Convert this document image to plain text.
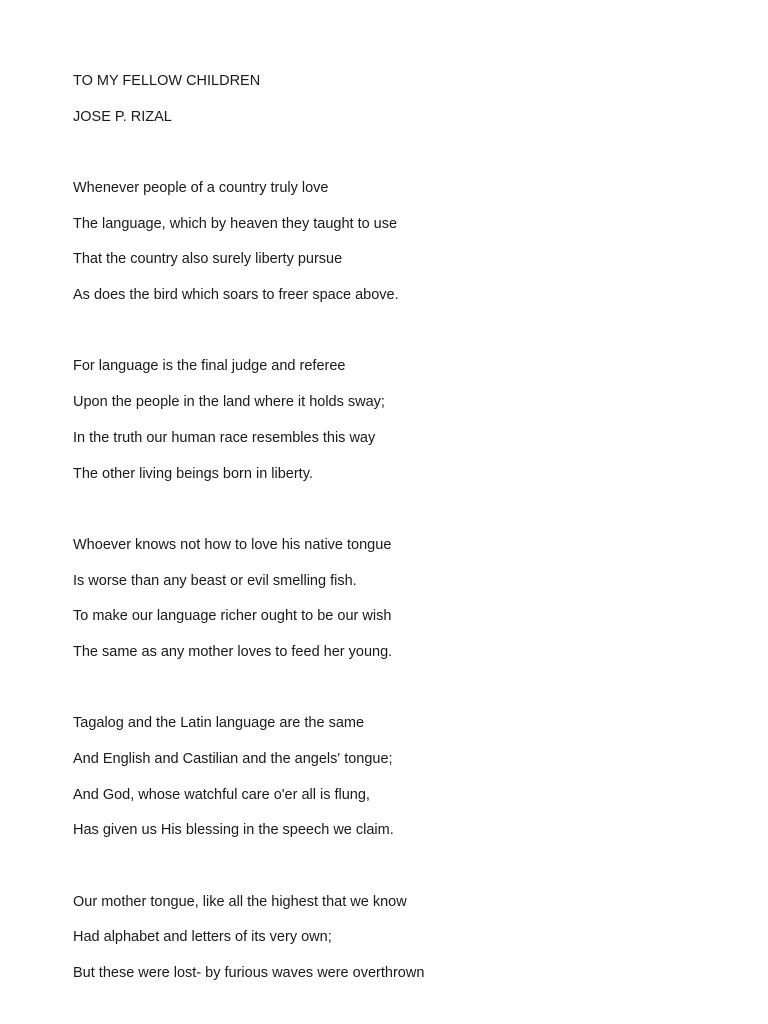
TO MY FELLOW CHILDREN

JOSE P. RIZAL

Whenever people of a country truly love

The language, which by heaven they taught to use

That the country also surely liberty pursue

As does the bird which soars to freer space above.

For language is the final judge and referee

Upon the people in the land where it holds sway;

In the truth our human race resembles this way

The other living beings born in liberty.

Whoever knows not how to love his native tongue

Is worse than any beast or evil smelling fish.

To make our language richer ought to be our wish

The same as any mother loves to feed her young.

Tagalog and the Latin language are the same

And English and Castilian and the angels' tongue;

And God, whose watchful care o'er all is flung,

Has given us His blessing in the speech we claim.

Our mother tongue, like all the highest that we know

Had alphabet and letters of its very own;

But these were lost- by furious waves were overthrown
